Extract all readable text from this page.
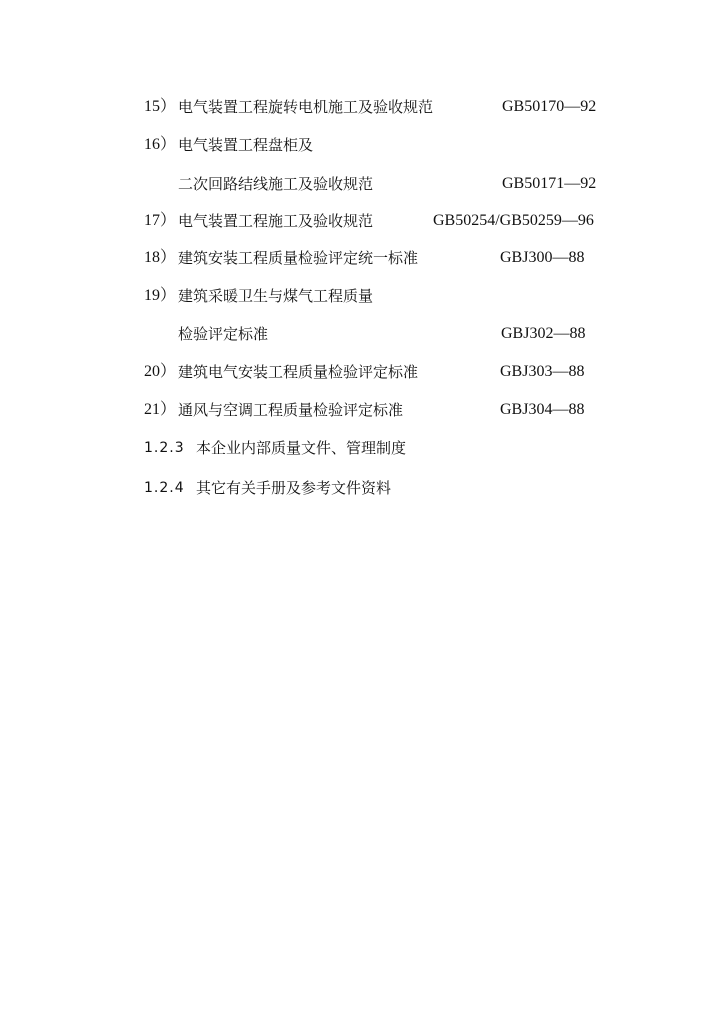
15） 电气装置工程旋转电机施工及验收规范	GB50170—92
16） 电气装置工程盘柜及
二次回路结线施工及验收规范	GB50171—92
17） 电气装置工程施工及验收规范	GB50254/GB50259—96
18） 建筑安装工程质量检验评定统一标准	GBJ300—88
19） 建筑采暖卫生与煤气工程质量
检验评定标准	GBJ302—88
20） 建筑电气安装工程质量检验评定标准	GBJ303—88
21） 通风与空调工程质量检验评定标准	GBJ304—88
1.2.3 本企业内部质量文件、管理制度
1.2.4 其它有关手册及参考文件资料
